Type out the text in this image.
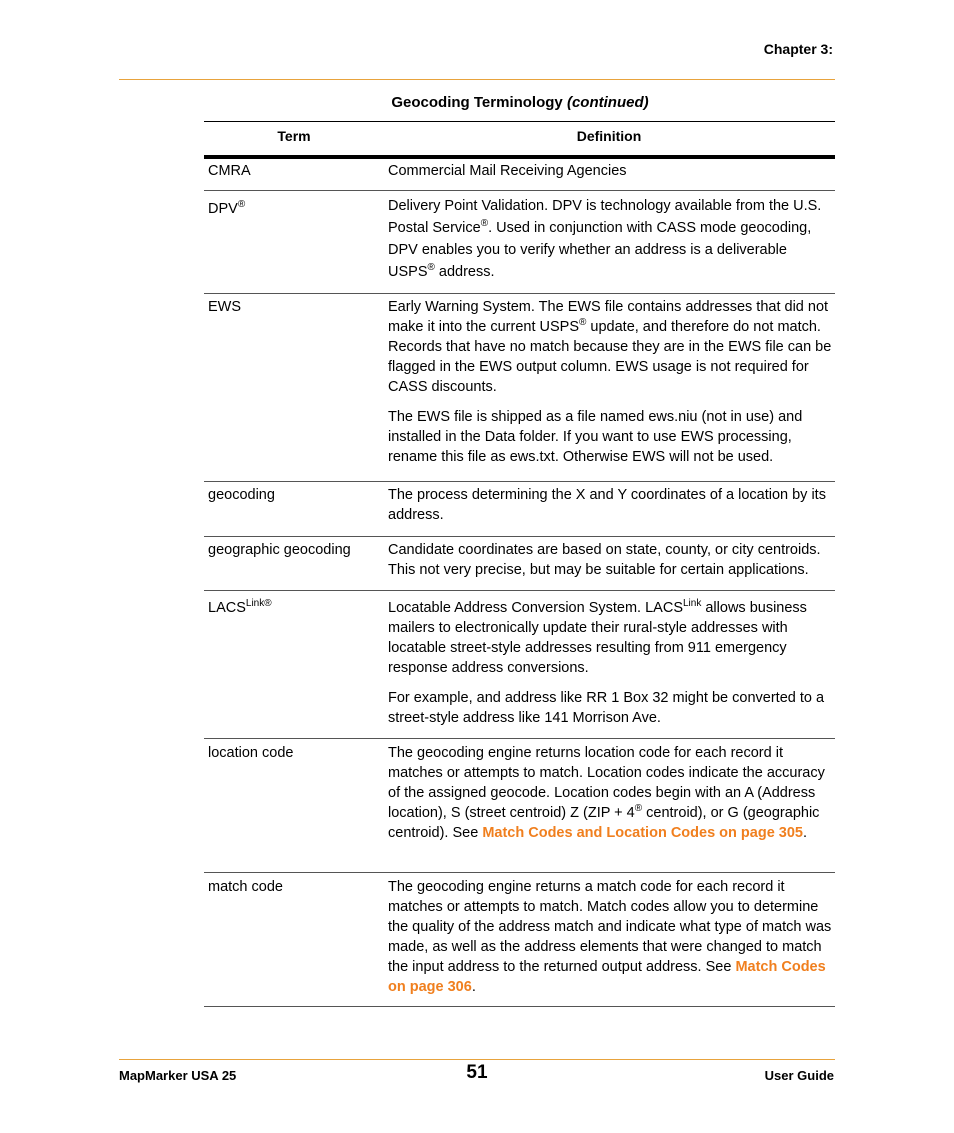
Chapter 3:
Geocoding Terminology (continued)
Term	Definition
CMRA	Commercial Mail Receiving Agencies
DPV®	Delivery Point Validation. DPV is technology available from the U.S. Postal Service®. Used in conjunction with CASS mode geocoding, DPV enables you to verify whether an address is a deliverable USPS® address.
EWS	Early Warning System. The EWS file contains addresses that did not make it into the current USPS® update, and therefore do not match. Records that have no match because they are in the EWS file can be flagged in the EWS output column. EWS usage is not required for CASS discounts.

The EWS file is shipped as a file named ews.niu (not in use) and installed in the Data folder. If you want to use EWS processing, rename this file as ews.txt. Otherwise EWS will not be used.

geocoding	The process determining the X and Y coordinates of a location by its address.
geographic geocoding	Candidate coordinates are based on state, county, or city centroids. This not very precise, but may be suitable for certain applications.
$LACS^{Link®}$	Locatable Address Conversion System. $LACS^{Link}$ allows business mailers to electronically update their rural-style addresses with locatable street-style addresses resulting from 911 emergency response address conversions.

For example, and address like RR 1 Box 32 might be converted to a street-style address like 141 Morrison Ave.

location code	The geocoding engine returns location code for each record it matches or attempts to match. Location codes indicate the accuracy of the assigned geocode. Location codes begin with an A (Address location), S (street centroid) Z (ZIP + 4® centroid), or G (geographic centroid). See Match Codes and Location Codes on page 305.
match code	The geocoding engine returns a match code for each record it matches or attempts to match. Match codes allow you to determine the quality of the address match and indicate what type of match was made, as well as the address elements that were changed to match the input address to the returned output address. See Match Codes on page 306.
MapMarker USA 25	51	User Guide
